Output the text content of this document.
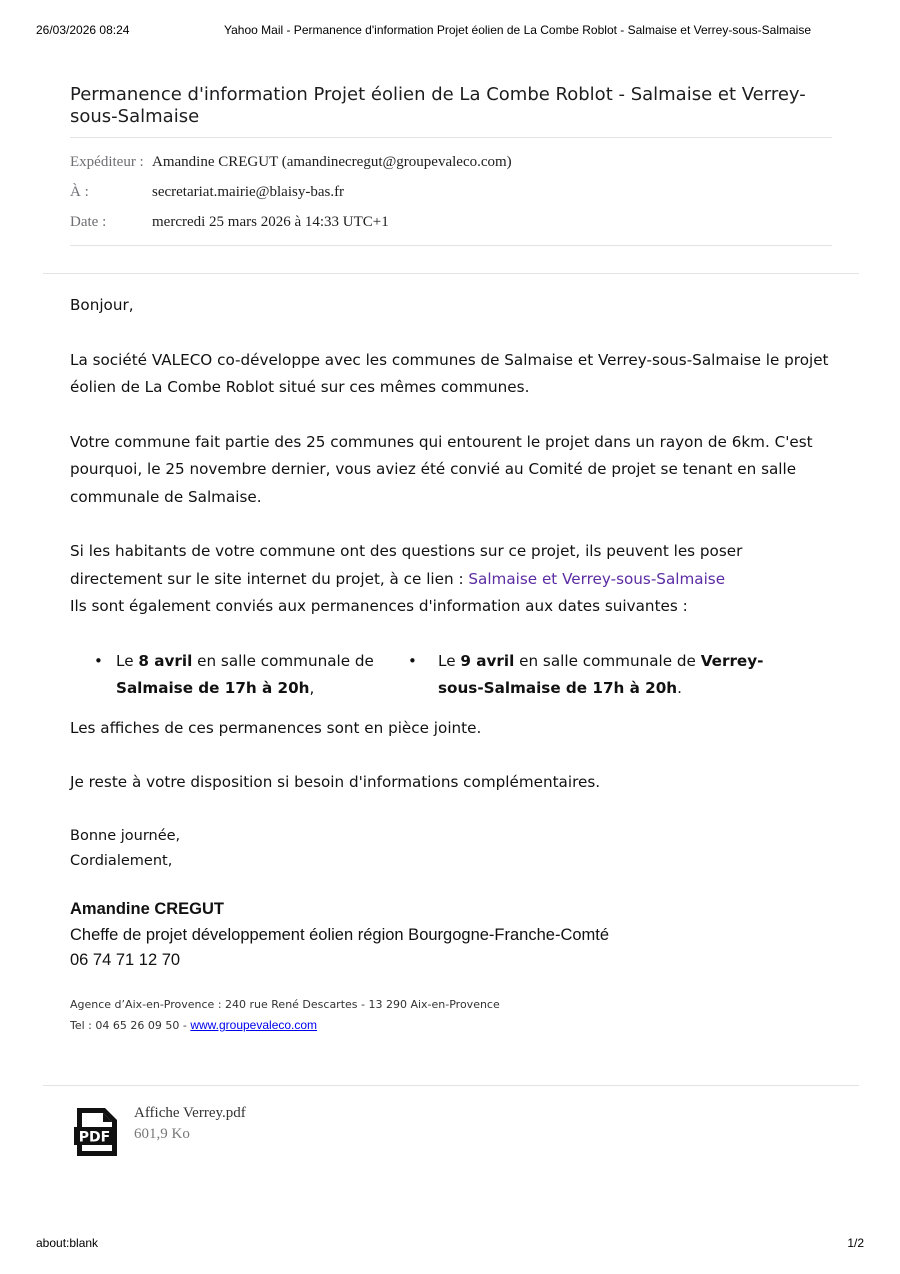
26/03/2026 08:24	Yahoo Mail - Permanence d'information Projet éolien de La Combe Roblot - Salmaise et Verrey-sous-Salmaise
Permanence d'information Projet éolien de La Combe Roblot - Salmaise et Verrey-sous-Salmaise
Expéditeur : Amandine CREGUT (amandinecregut@groupevaleco.com)
À :	secretariat.mairie@blaisy-bas.fr
Date :	mercredi 25 mars 2026 à 14:33 UTC+1

Bonjour,

La société VALECO co-développe avec les communes de Salmaise et Verrey-sous-Salmaise le projet éolien de La Combe Roblot situé sur ces mêmes communes.

Votre commune fait partie des 25 communes qui entourent le projet dans un rayon de 6km. C'est pourquoi, le 25 novembre dernier, vous aviez été convié au Comité de projet se tenant en salle communale de Salmaise.

Si les habitants de votre commune ont des questions sur ce projet, ils peuvent les poser directement sur le site internet du projet, à ce lien : Salmaise et Verrey-sous-Salmaise
Ils sont également conviés aux permanences d'information aux dates suivantes :

• Le 8 avril en salle communale de Salmaise de 17h à 20h,
• Le 9 avril en salle communale de Verrey-sous-Salmaise de 17h à 20h.

Les affiches de ces permanences sont en pièce jointe.

Je reste à votre disposition si besoin d'informations complémentaires.

Bonne journée,
Cordialement,
Amandine CREGUT
Cheffe de projet développement éolien région Bourgogne-Franche-Comté
06 74 71 12 70
Agence d’Aix-en-Provence : 240 rue René Descartes - 13 290 Aix-en-Provence
Tel : 04 65 26 09 50 - www.groupevaleco.com
PDF
Affiche Verrey.pdf
601,9 Ko
about:blank	1/2
